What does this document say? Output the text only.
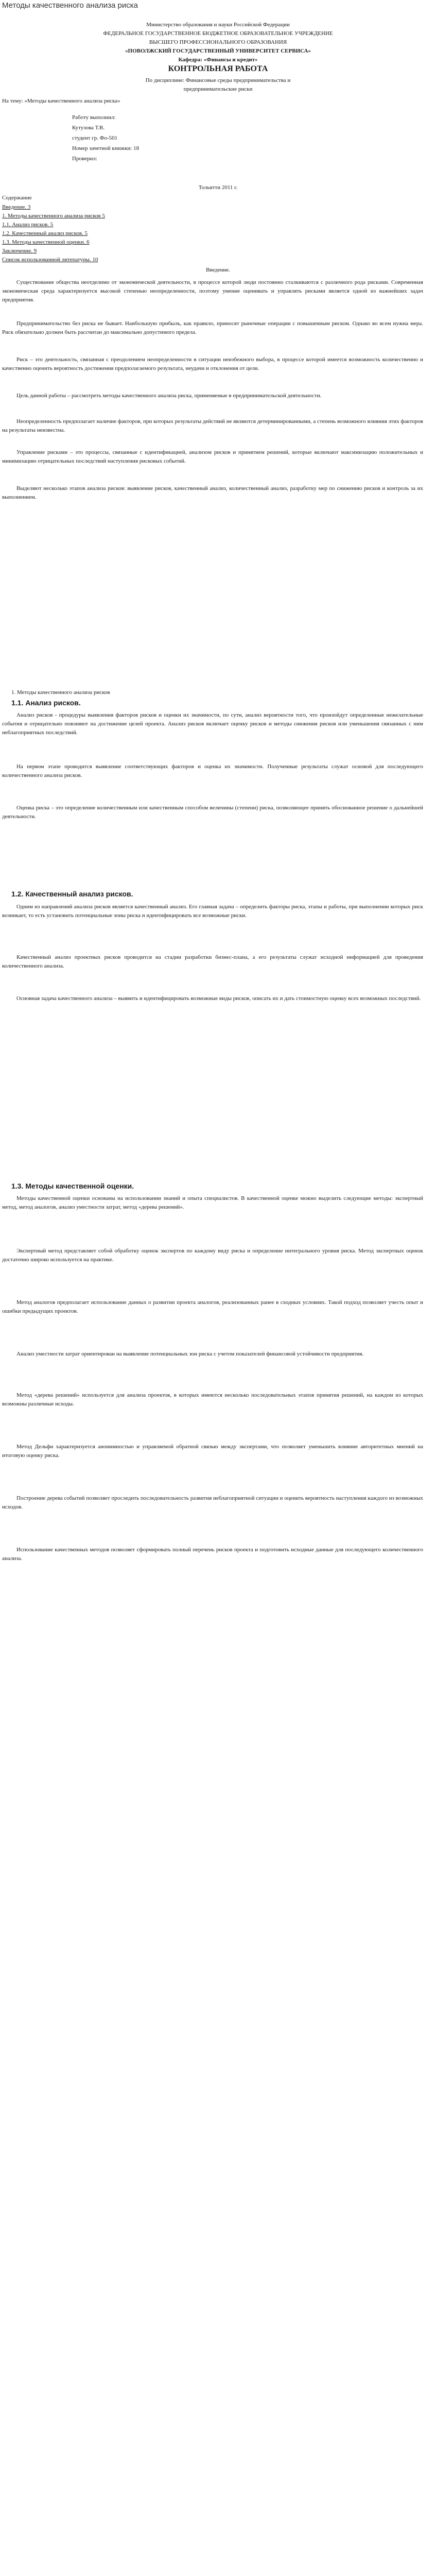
Методы качественного анализа риска
Министерство образования и науки Российской Федерации
ФЕДЕРАЛЬНОЕ ГОСУДАРСТВЕННОЕ БЮДЖЕТНОЕ ОБРАЗОВАТЕЛЬНОЕ УЧРЕЖДЕНИЕ
ВЫСШЕГО ПРОФЕССИОНАЛЬНОГО ОБРАЗОВАНИЯ
«ПОВОЛЖСКИЙ ГОСУДАРСТВЕННЫЙ УНИВЕРСИТЕТ СЕРВИСА»
Кафедра: «Финансы и кредит»
КОНТРОЛЬНАЯ РАБОТА
По дисциплине: Финансовые среды предпринимательства и
предпринимательские риски
На тему: «Методы качественного анализа риска»
Работу выполнил:
Кутузова Т.В.
студент гр. Фо-501
Номер зачетной книжки: 18
Проверил:
Тольятти 2011 г.
Содержание
Введение. 3
1. Методы качественного анализа рисков 5
1.1. Анализ рисков. 5
1.2. Качественный анализ рисков. 5
1.3. Методы качественной оценки. 6
Заключение. 9
Список использованной литературы. 10
Введение.
Существование общества неотделимо от экономической деятельности, в процессе которой люди постоянно сталкиваются с различного рода рисками. Современная экономическая среда характеризуется высокой степенью неопределенности, поэтому умение оценивать и управлять рисками является одной из важнейших задач предприятия.
Предпринимательство без риска не бывает. Наибольшую прибыль, как правило, приносят рыночные операции с повышенным риском. Однако во всем нужна мера. Риск обязательно должен быть рассчитан до максимально допустимого предела.
Риск – это деятельность, связанная с преодолением неопределенности в ситуации неизбежного выбора, в процессе которой имеется возможность количественно и качественно оценить вероятность достижения предполагаемого результата, неудачи и отклонения от цели.
Цель данной работы – рассмотреть методы качественного анализа риска, применяемые в предпринимательской деятельности.
Неопределенность предполагает наличие факторов, при которых результаты действий не являются детерминированными, а степень возможного влияния этих факторов на результаты неизвестна.
Управление рисками – это процессы, связанные с идентификацией, анализом рисков и принятием решений, которые включают максимизацию положительных и минимизацию отрицательных последствий наступления рисковых событий.
Выделяют несколько этапов анализа рисков: выявление рисков, качественный анализ, количественный анализ, разработку мер по снижению рисков и контроль за их выполнением.
1. Методы качественного анализа рисков
1.1. Анализ рисков.
Анализ рисков - процедуры выявления факторов рисков и оценки их значимости, по сути, анализ вероятности того, что произойдут определенные нежелательные события и отрицательно повлияют на достижение целей проекта. Анализ рисков включает оценку рисков и методы снижения рисков или уменьшения связанных с ним неблагоприятных последствий.
На первом этапе проводится выявление соответствующих факторов и оценка их значимости. Полученные результаты служат основой для последующего количественного анализа рисков.
Оценка риска – это определение количественным или качественным способом величины (степени) риска, позволяющее принять обоснованное решение о дальнейшей деятельности.
1.2. Качественный анализ рисков.
Одним из направлений анализа рисков является качественный анализ. Его главная задача – определить факторы риска, этапы и работы, при выполнении которых риск возникает, то есть установить потенциальные зоны риска и идентифицировать все возможные риски.
Качественный анализ проектных рисков проводится на стадии разработки бизнес-плана, а его результаты служат исходной информацией для проведения количественного анализа.
Основная задача качественного анализа – выявить и идентифицировать возможные виды рисков, описать их и дать стоимостную оценку всех возможных последствий.
1.3. Методы качественной оценки.
Методы качественной оценки основаны на использовании знаний и опыта специалистов. В качественной оценке можно выделить следующие методы: экспертный метод, метод аналогов, анализ уместности затрат, метод «дерева решений».
Экспертный метод представляет собой обработку оценок экспертов по каждому виду риска и определение интегрального уровня риска. Метод экспертных оценок достаточно широко используется на практике.
Метод аналогов предполагает использование данных о развитии проекта аналогов, реализованных ранее в сходных условиях. Такой подход позволяет учесть опыт и ошибки предыдущих проектов.
Анализ уместности затрат ориентирован на выявление потенциальных зон риска с учетом показателей финансовой устойчивости предприятия.
Метод «дерева решений» используется для анализа проектов, в которых имеются несколько последовательных этапов принятия решений, на каждом из которых возможны различные исходы.
Метод Дельфи характеризуется анонимностью и управляемой обратной связью между экспертами, что позволяет уменьшить влияние авторитетных мнений на итоговую оценку риска.
Построение дерева событий позволяет проследить последовательность развития неблагоприятной ситуации и оценить вероятность наступления каждого из возможных исходов.
Использование качественных методов позволяет сформировать полный перечень рисков проекта и подготовить исходные данные для последующего количественного анализа.
